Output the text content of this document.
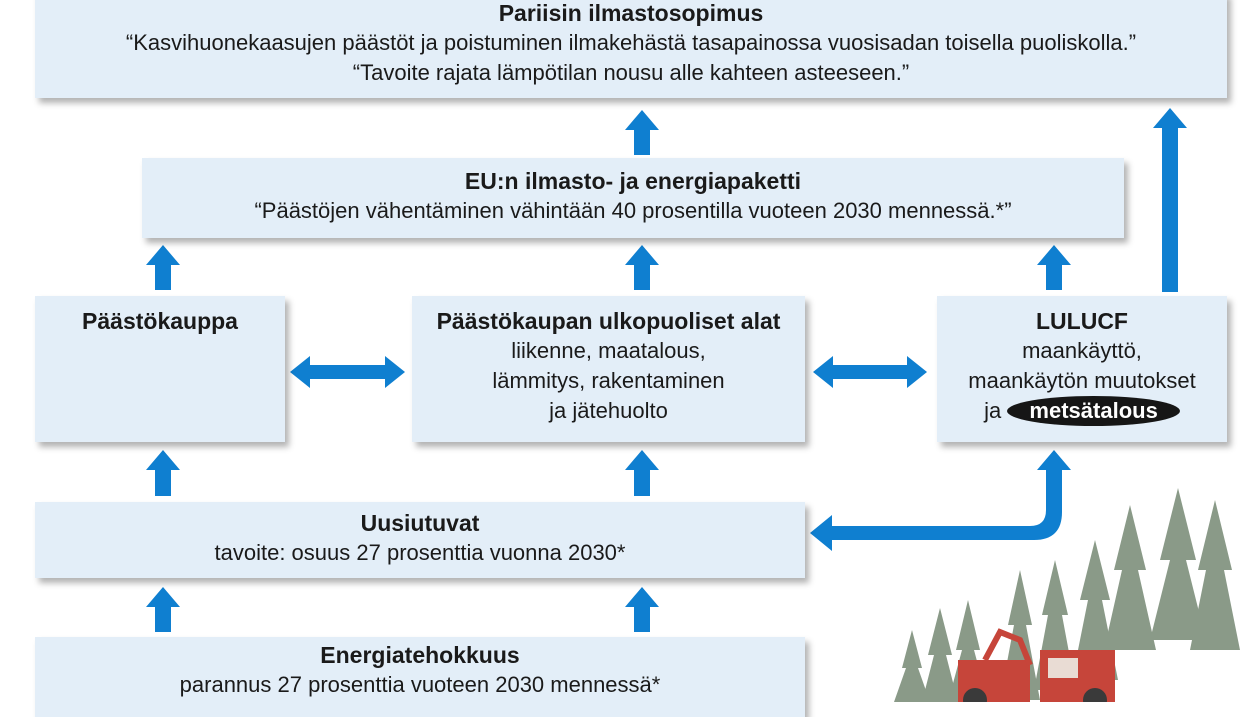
Pariisin ilmastosopimus
“Kasvihuonekaasujen päästöt ja poistuminen ilmakehästä tasapainossa vuosisadan toisella puoliskolla.”
“Tavoite rajata lämpötilan nousu alle kahteen asteeseen.”
EU:n ilmasto- ja energiapaketti
“Päästöjen vähentäminen vähintään 40 prosentilla vuoteen 2030 mennessä.*”
Päästökauppa	Päästökaupan ulkopuoliset alat
liikenne, maatalous,
lämmitys, rakentaminen
ja jätehuolto
LULUCF
maankäyttö,
maankäytön muutokset
ja metsätalous
Uusiutuvat
tavoite: osuus 27 prosenttia vuonna 2030*
Energiatehokkuus
parannus 27 prosenttia vuoteen 2030 mennessä*
